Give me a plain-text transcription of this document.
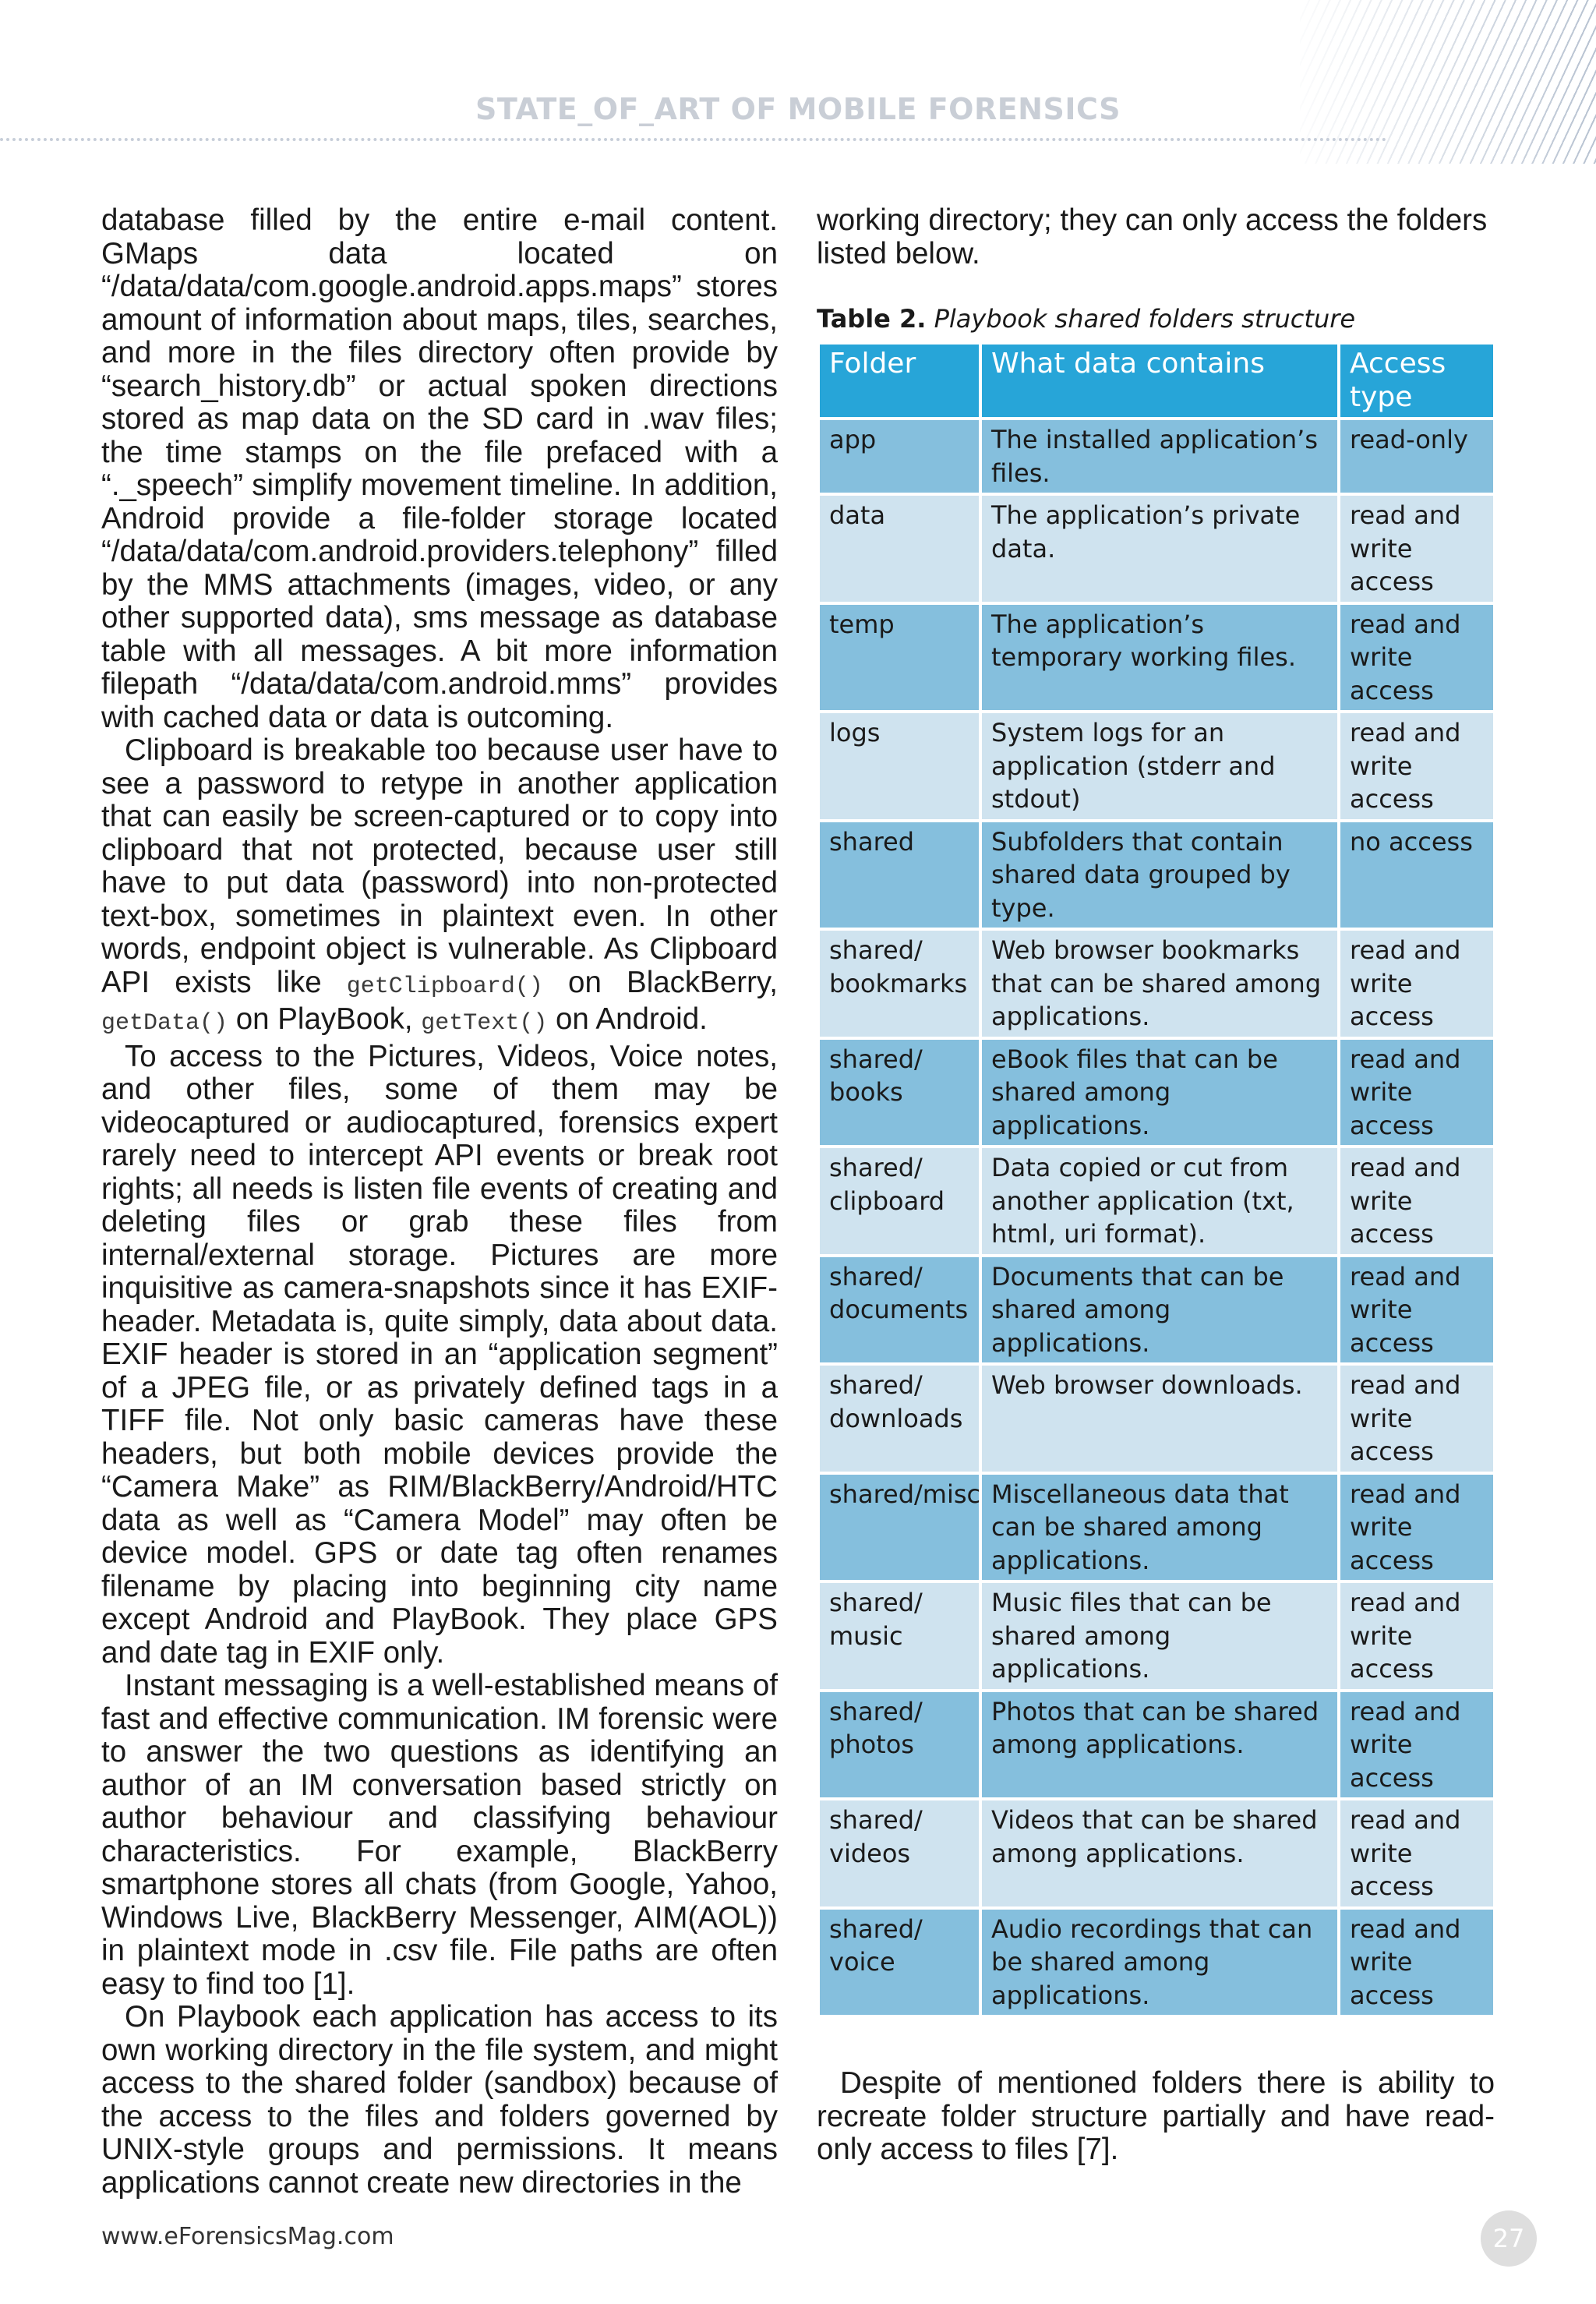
STATE_OF_ART OF MOBILE FORENSICS

database filled by the entire e-mail content. GMaps data located on “/data/data/com.google.android.apps.maps” stores amount of information about maps, tiles, searches, and more in the files directory often provide by “search_history.db” or actual spoken directions stored as map data on the SD card in .wav files; the time stamps on the file prefaced with a “._speech” simplify movement timeline. In addition, Android provide a file-folder storage located “/data/data/com.android.providers.telephony” filled by the MMS attachments (images, video, or any other supported data), sms message as database table with all messages. A bit more information filepath “/data/data/com.android.mms” provides with cached data or data is outcoming.

Clipboard is breakable too because user have to see a password to retype in another application that can easily be screen-captured or to copy into clipboard that not protected, because user still have to put data (password) into non-protected text-box, sometimes in plaintext even. In other words, endpoint object is vulnerable. As Clipboard API exists like getClipboard() on BlackBerry, getData() on PlayBook, getText() on Android.

To access to the Pictures, Videos, Voice notes, and other files, some of them may be videocaptured or audiocaptured, forensics expert rarely need to intercept API events or break root rights; all needs is listen file events of creating and deleting files or grab these files from internal/external storage. Pictures are more inquisitive as camera-snapshots since it has EXIF-header. Metadata is, quite simply, data about data. EXIF header is stored in an “application segment” of a JPEG file, or as privately defined tags in a TIFF file. Not only basic cameras have these headers, but both mobile devices provide the “Camera Make” as RIM/BlackBerry/Android/HTC data as well as “Camera Model” may often be device model. GPS or date tag often renames filename by placing into beginning city name except Android and PlayBook. They place GPS and date tag in EXIF only.

Instant messaging is a well-established means of fast and effective communication. IM forensic were to answer the two questions as identifying an author of an IM conversation based strictly on author behaviour and classifying behaviour characteristics. For example, BlackBerry smartphone stores all chats (from Google, Yahoo, Windows Live, BlackBerry Messenger, AIM(AOL)) in plaintext mode in .csv file. File paths are often easy to find too [1].

On Playbook each application has access to its own working directory in the file system, and might access to the shared folder (sandbox) because of the access to the files and folders governed by UNIX-style groups and permissions. It means applications cannot create new directories in the

working directory; they can only access the folders listed below.

Table 2. Playbook shared folders structure
Folder	What data contains	Access type
app	The installed application’s files.	read-only
data	The application’s private data.	read and write access
temp	The application’s temporary working files.	read and write access
logs	System logs for an application (stderr and stdout)	read and write access
shared	Subfolders that contain shared data grouped by type.	no access
shared/ bookmarks	Web browser bookmarks that can be shared among applications.	read and write access
shared/ books	eBook files that can be shared among applications.	read and write access
shared/ clipboard	Data copied or cut from another application (txt, html, uri format).	read and write access
shared/ documents	Documents that can be shared among applications.	read and write access
shared/ downloads	Web browser downloads.	read and write access
shared/misc	Miscellaneous data that can be shared among applications.	read and write access
shared/ music	Music files that can be shared among applications.	read and write access
shared/ photos	Photos that can be shared among applications.	read and write access
shared/ videos	Videos that can be shared among applications.	read and write access
shared/ voice	Audio recordings that can be shared among applications.	read and write access

Despite of mentioned folders there is ability to recreate folder structure partially and have read-only access to files [7].

www.eForensicsMag.com	27
